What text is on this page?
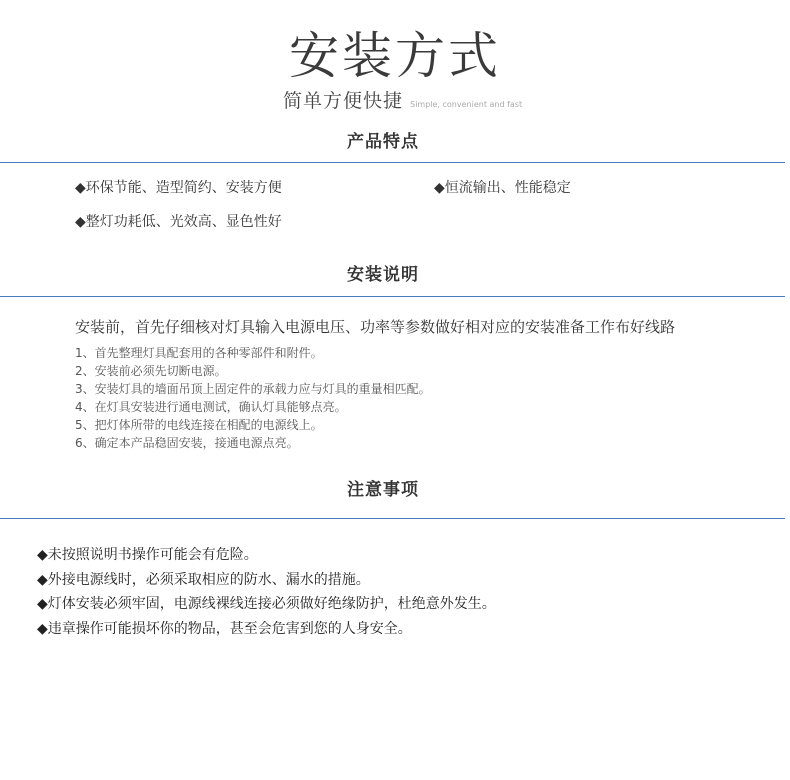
安装方式
简单方便快捷 Simple, convenient and fast
产品特点
◆环保节能、造型简约、安装方便	◆恒流输出、性能稳定
◆整灯功耗低、光效高、显色性好
安装说明
安装前，首先仔细核对灯具输入电源电压、功率等参数做好相对应的安装准备工作布好线路
1、首先整理灯具配套用的各种零部件和附件。
2、安装前必须先切断电源。
3、安装灯具的墙面吊顶上固定件的承载力应与灯具的重量相匹配。
4、在灯具安装进行通电测试，确认灯具能够点亮。
5、把灯体所带的电线连接在相配的电源线上。
6、确定本产品稳固安装，接通电源点亮。
注意事项
◆未按照说明书操作可能会有危险。
◆外接电源线时，必须采取相应的防水、漏水的措施。
◆灯体安装必须牢固，电源线裸线连接必须做好绝缘防护，杜绝意外发生。
◆违章操作可能损坏你的物品，甚至会危害到您的人身安全。
